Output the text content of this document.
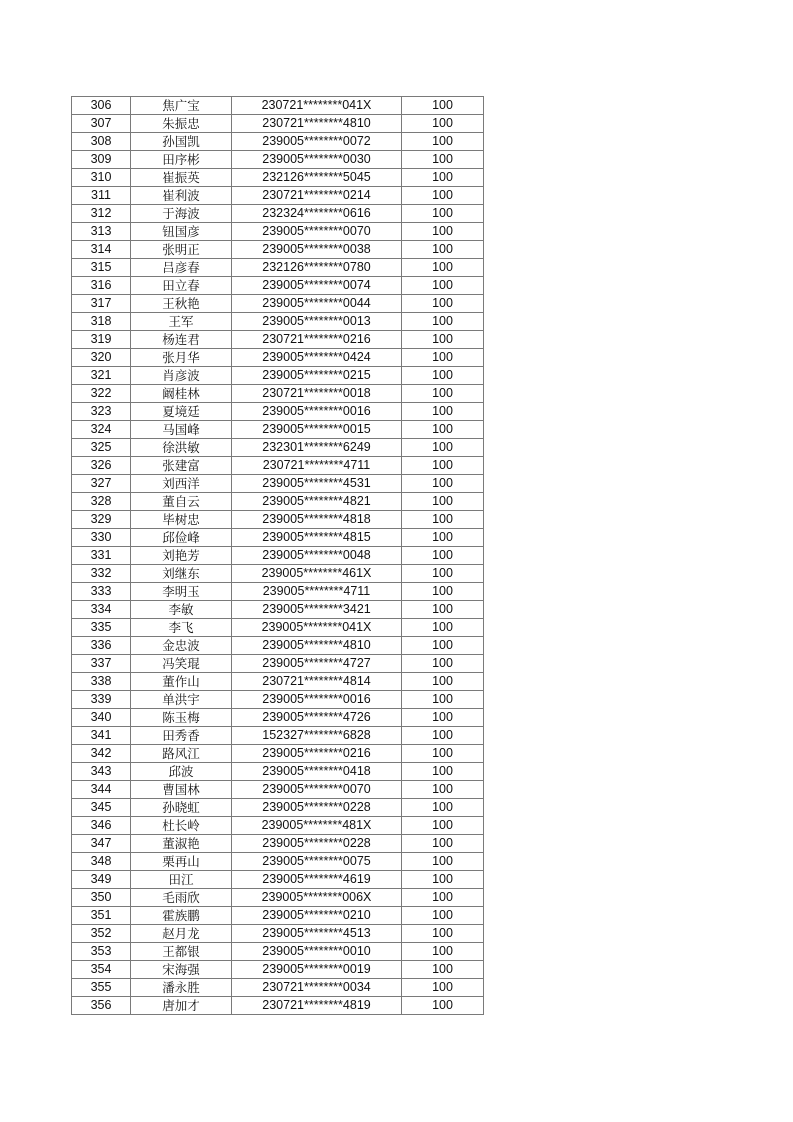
306	焦广宝	230721********041X	100
307	朱振忠	230721********4810	100
308	孙国凯	239005********0072	100
309	田序彬	239005********0030	100
310	崔振英	232126********5045	100
311	崔利波	230721********0214	100
312	于海波	232324********0616	100
313	钮国彦	239005********0070	100
314	张明正	239005********0038	100
315	吕彦春	232126********0780	100
316	田立春	239005********0074	100
317	王秋艳	239005********0044	100
318	王军	239005********0013	100
319	杨连君	230721********0216	100
320	张月华	239005********0424	100
321	肖彦波	239005********0215	100
322	阚桂林	230721********0018	100
323	夏境廷	239005********0016	100
324	马国峰	239005********0015	100
325	徐洪敏	232301********6249	100
326	张建富	230721********4711	100
327	刘西洋	239005********4531	100
328	董自云	239005********4821	100
329	毕树忠	239005********4818	100
330	邱俭峰	239005********4815	100
331	刘艳芳	239005********0048	100
332	刘继东	239005********461X	100
333	李明玉	239005********4711	100
334	李敏	239005********3421	100
335	李飞	239005********041X	100
336	金忠波	239005********4810	100
337	冯笑琨	239005********4727	100
338	董作山	230721********4814	100
339	单洪宇	239005********0016	100
340	陈玉梅	239005********4726	100
341	田秀香	152327********6828	100
342	路风江	239005********0216	100
343	邱波	239005********0418	100
344	曹国林	239005********0070	100
345	孙晓虹	239005********0228	100
346	杜长岭	239005********481X	100
347	董淑艳	239005********0228	100
348	栗再山	239005********0075	100
349	田江	239005********4619	100
350	毛雨欣	239005********006X	100
351	霍族鹏	239005********0210	100
352	赵月龙	239005********4513	100
353	王都银	239005********0010	100
354	宋海强	239005********0019	100
355	潘永胜	230721********0034	100
356	唐加才	230721********4819	100
